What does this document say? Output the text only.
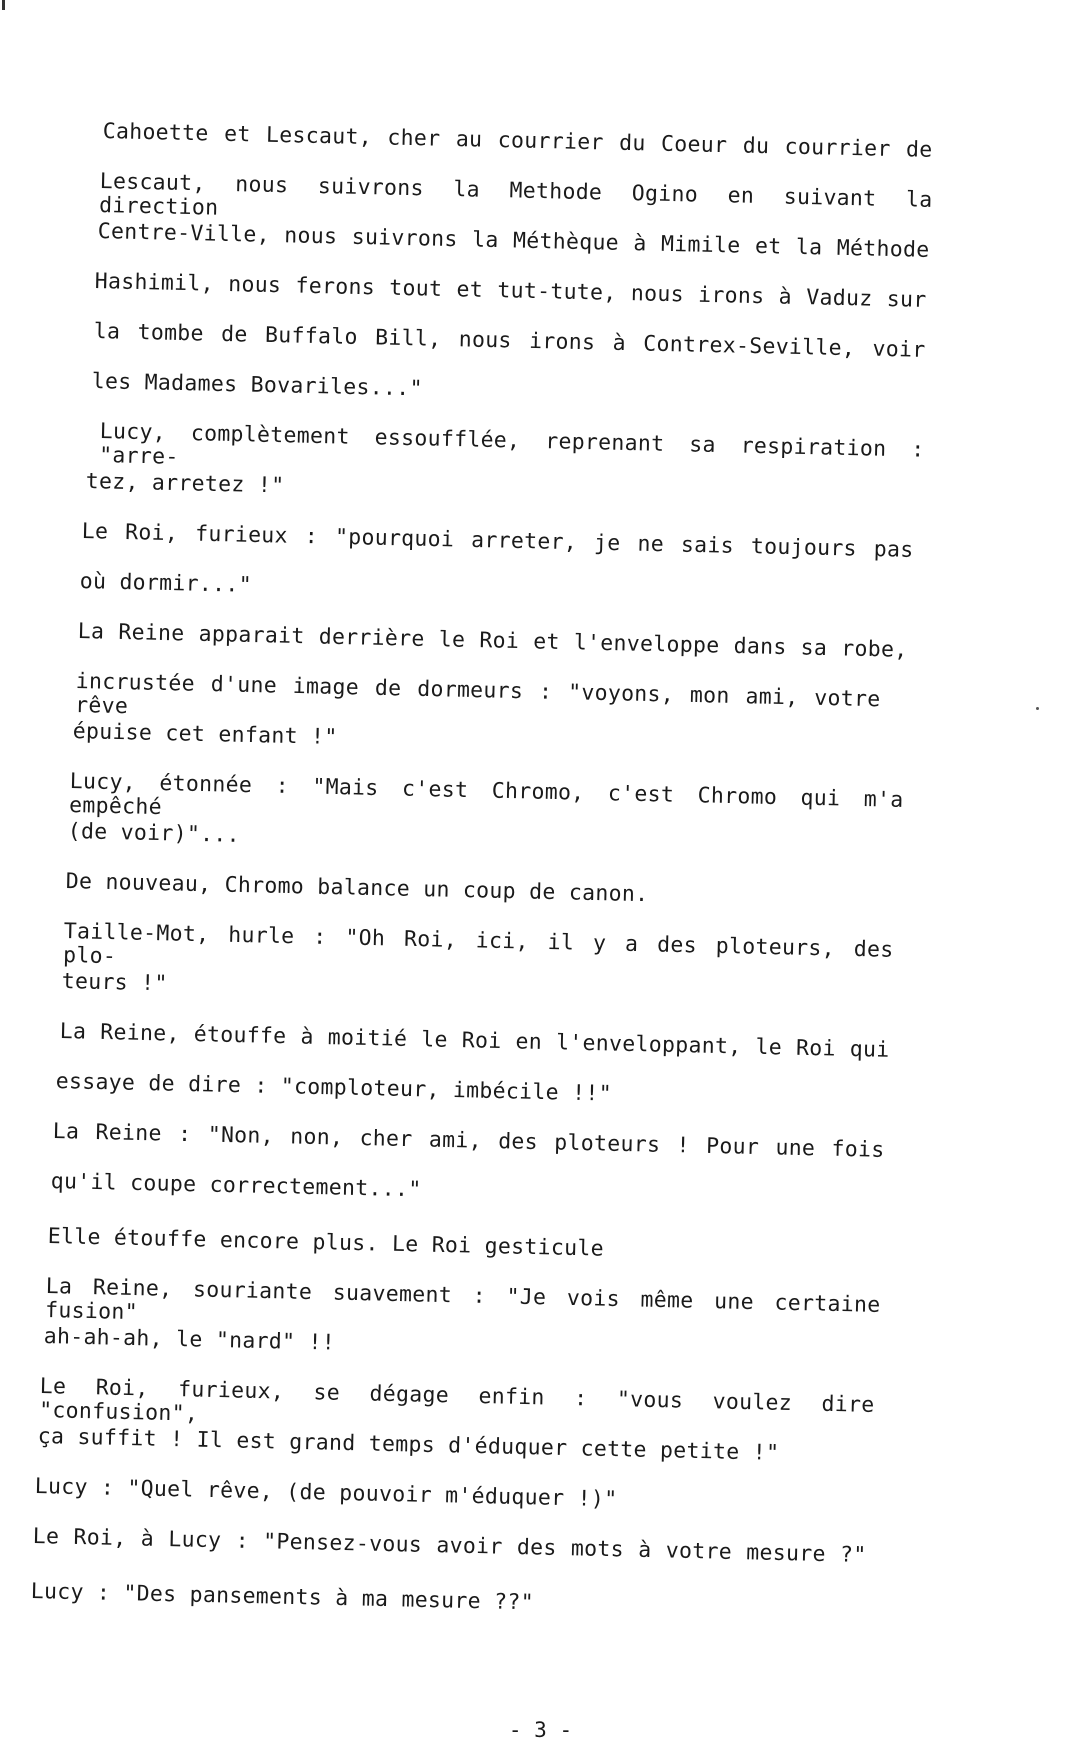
Cahoette et Lescaut, cher au courrier du Coeur du courrier de
Lescaut, nous suivrons la Methode Ogino en suivant la direction
Centre-Ville, nous suivrons la Méthèque à Mimile et la Méthode
Hashimil, nous ferons tout et tut-tute, nous irons à Vaduz sur
la tombe de Buffalo Bill, nous irons à Contrex-Seville, voir
les Madames Bovariles..."
Lucy, complètement essoufflée, reprenant sa respiration : "arre-
tez, arretez !"
Le Roi, furieux : "pourquoi arreter, je ne sais toujours pas
où dormir..."
La Reine apparait derrière le Roi et l'enveloppe dans sa robe,
incrustée d'une image de dormeurs : "voyons, mon ami, votre rêve
épuise cet enfant !"
Lucy, étonnée : "Mais c'est Chromo, c'est Chromo qui m'a empêché
(de voir)"...
De nouveau, Chromo balance un coup de canon.
Taille-Mot, hurle : "Oh Roi, ici, il y a des ploteurs, des plo-
teurs !"
La Reine, étouffe à moitié le Roi en l'enveloppant, le Roi qui
essaye de dire : "comploteur, imbécile !!"
La Reine : "Non, non, cher ami, des ploteurs ! Pour une fois
qu'il coupe correctement..."
Elle étouffe encore plus. Le Roi gesticule
La Reine, souriante suavement : "Je vois même une certaine fusion"
ah-ah-ah, le "nard" !!
Le Roi, furieux, se dégage enfin : "vous voulez dire "confusion",
ça suffit ! Il est grand temps d'éduquer cette petite !"
Lucy : "Quel rêve, (de pouvoir m'éduquer !)"
Le Roi, à Lucy : "Pensez-vous avoir des mots à votre mesure ?"
Lucy : "Des pansements à ma mesure ??"
- 3 -
